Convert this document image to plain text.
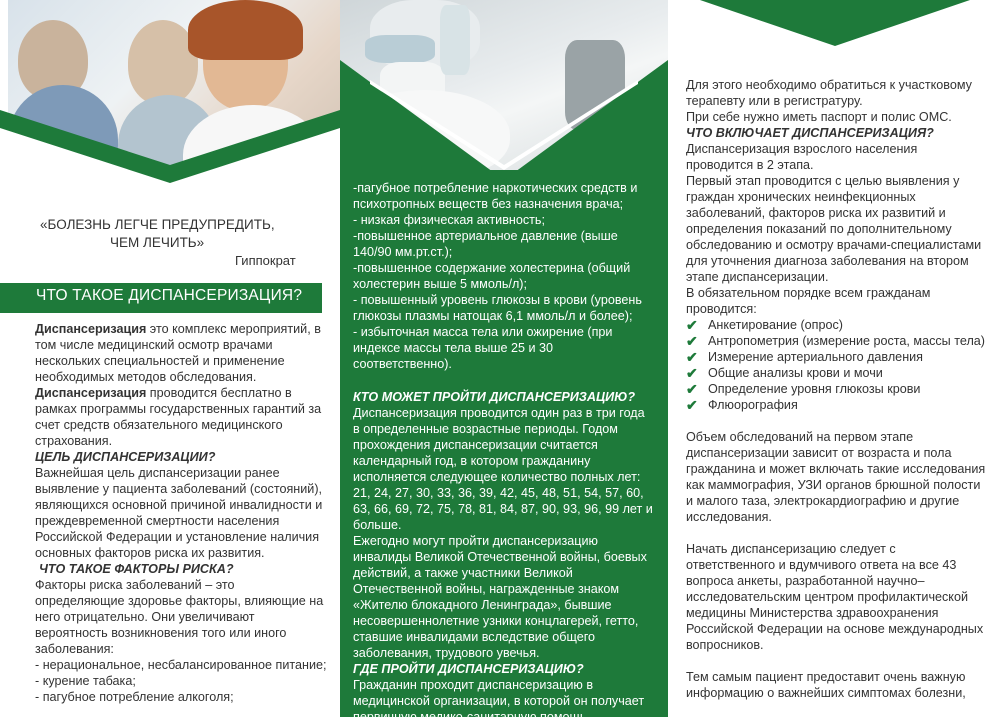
«БОЛЕЗНЬ ЛЕГЧЕ ПРЕДУПРЕДИТЬ,
ЧЕМ ЛЕЧИТЬ»
Гиппократ
ЧТО ТАКОЕ ДИСПАНСЕРИЗАЦИЯ?

Диспансеризация это комплекс мероприятий, в том числе медицинский осмотр врачами нескольких специальностей и применение необходимых методов обследования.

Диспансеризация проводится бесплатно в рамках программы государственных гарантий за счет средств обязательного медицинского страхования.

ЦЕЛЬ ДИСПАНСЕРИЗАЦИИ?

Важнейшая цель диспансеризации ранее выявление у пациента заболеваний (состояний), являющихся основной причиной инвалидности и преждевременной смертности населения Российской Федерации и установление наличия основных факторов риска их развития.

ЧТО ТАКОЕ ФАКТОРЫ РИСКА?

Факторы риска заболеваний – это определяющие здоровье факторы, влияющие на него отрицательно. Они увеличивают вероятность возникновения того или иного заболевания:

- нерациональное, несбалансированное питание;

- курение табака;

- пагубное потребление алкоголя;

-пагубное потребление наркотических средств и психотропных веществ без назначения врача;

- низкая физическая активность;

-повышенное артериальное давление (выше 140/90 мм.рт.ст.);

-повышенное содержание холестерина (общий холестерин выше 5 ммоль/л);

- повышенный уровень глюкозы в крови (уровень глюкозы плазмы натощак 6,1 ммоль/л и более);

- избыточная масса тела или ожирение (при индексе массы тела выше 25 и 30 соответственно).

КТО МОЖЕТ ПРОЙТИ ДИСПАНСЕРИЗАЦИЮ?

Диспансеризация проводится один раз в три года в определенные возрастные периоды. Годом прохождения диспансеризации считается календарный год, в котором гражданину исполняется следующее количество полных лет: 21, 24, 27, 30, 33, 36, 39, 42, 45, 48, 51, 54, 57, 60, 63, 66, 69, 72, 75, 78, 81, 84, 87, 90, 93, 96, 99 лет и больше.

Ежегодно могут пройти диспансеризацию инвалиды Великой Отечественной войны, боевых действий, а также участники Великой Отечественной войны, награжденные знаком «Жителю блокадного Ленинграда», бывшие несовершеннолетние узники концлагерей, гетто, ставшие инвалидами вследствие общего заболевания, трудового увечья.

ГДЕ ПРОЙТИ ДИСПАНСЕРИЗАЦИЮ?

Гражданин проходит диспансеризацию в медицинской организации, в которой он получает первичную медико-санитарную помощь.

Для этого необходимо обратиться к участковому терапевту или в регистратуру.

При себе нужно иметь паспорт и полис ОМС.

ЧТО ВКЛЮЧАЕТ ДИСПАНСЕРИЗАЦИЯ?

Диспансеризация взрослого населения проводится в 2 этапа.

Первый этап проводится с целью выявления у граждан хронических неинфекционных заболеваний, факторов риска их развитий и определения показаний по дополнительному обследованию и осмотру врачами-специалистами для уточнения диагноза заболевания на втором этапе диспансеризации.

В обязательном порядке всем гражданам проводится:

✔ Анкетирование (опрос)
✔ Антропометрия (измерение роста, массы тела)
✔ Измерение артериального давления
✔ Общие анализы крови и мочи
✔ Определение уровня глюкозы крови
✔ Флюорография

Объем обследований на первом этапе диспансеризации зависит от возраста и пола гражданина и может включать такие исследования как маммография, УЗИ органов брюшной полости и малого таза, электрокардиографию и другие исследования.

Начать диспансеризацию следует с ответственного и вдумчивого ответа на все 43 вопроса анкеты, разработанной научно–исследовательским центром профилактической медицины Министерства здравоохранения Российской Федерации на основе международных вопросников.

Тем самым пациент предоставит очень важную информацию о важнейших симптомах болезни,
